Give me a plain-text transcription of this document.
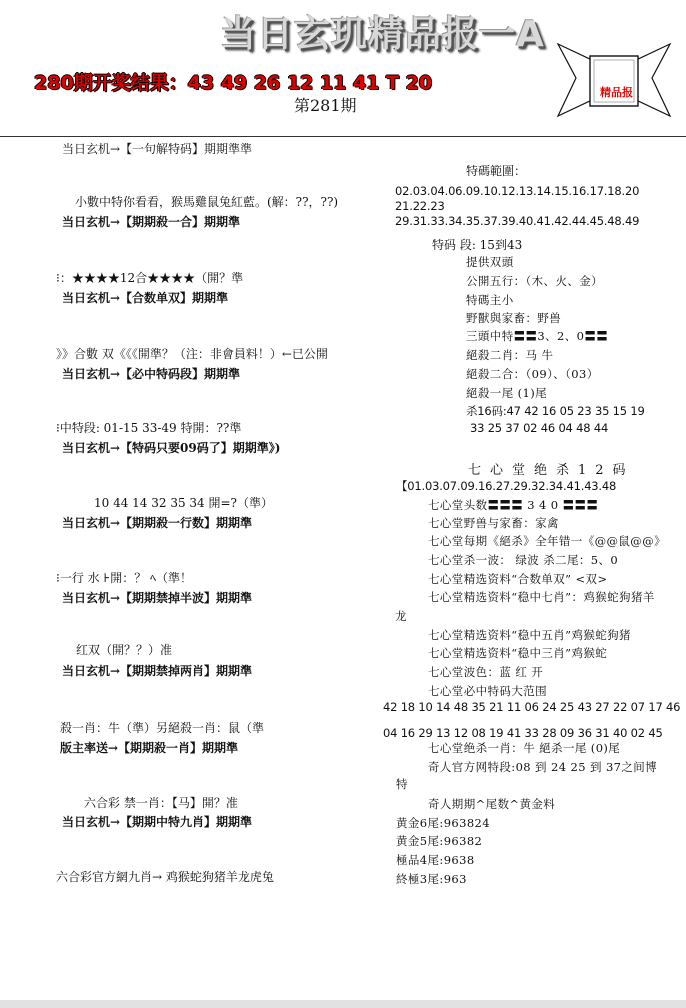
当日玄玑精品报一A
280期开奖结果：43 49 26 12 11 41 T 20
第281期
精品报
当日玄机→【一句解特码】期期準準
小數中特你看看，猴馬雞鼠兔紅藍。(解：??，??)
当日玄机→【期期殺一合】期期準
⁝：★★★★12合★★★★（開？準
当日玄机→【合数单双】期期準
》》合數 双《《《開準？（注：非會員料！）←已公開
当日玄机→【必中特码段】期期準
⁝中特段: 01-15 33-49 特開：??準
当日玄机→【特码只要09码了】期期準》)
10 44 14 32 35 34 開=?（準）
当日玄机→【期期殺一行数】期期準
⁝一行 水 ⊦開：？ ﾍ（準！
当日玄机→【期期禁掉半波】期期準
红双（開？？）准
当日玄机→【期期禁掉两肖】期期準
殺一肖：牛（準）另絕殺一肖：鼠（準
版主率送→【期期殺一肖】期期準
六合彩 禁一肖：【马】開？准
当日玄机→【期期中特九肖】期期準
六合彩官方網九肖→ 鸡猴蛇狗猪羊龙虎兔
特碼範圍：
02.03.04.06.09.10.12.13.14.15.16.17.18.20
21.22.23
29.31.33.34.35.37.39.40.41.42.44.45.48.49
特码 段: 15到43
提供双頭
公開五行：（木、火、金）
特碼主小
野獸與家畜：野兽
三頭中特〓〓3、2、0〓〓
絕殺二肖：马 牛
絕殺二合：（09）、（03）
絕殺一尾 (1)尾
杀16码:47 42 16 05 23 35 15 19
33 25 37 02 46 04 48 44
七心堂绝杀12码
【01.03.07.09.16.27.29.32.34.41.43.48
七心堂头数〓〓〓 3 4 0 〓〓〓
七心堂野兽与家畜：家禽
七心堂每期《絕杀》全年错一《@@鼠@@》
七心堂杀一波： 绿波 杀二尾：5、0
七心堂精选资料“合数单双” <双>
七心堂精选资料“稳中七肖”：鸡猴蛇狗猪羊
龙
七心堂精选资料“稳中五肖”鸡猴蛇狗猪
七心堂精选资料“稳中三肖”鸡猴蛇
七心堂波色：蓝 红 开
七心堂必中特码大范围
42 18 10 14 48 35 21 11 06 24 25 43 27 22 07 17 46
04 16 29 13 12 08 19 41 33 28 09 36 31 40 02 45
七心堂绝杀一肖：牛 絕杀一尾 (0)尾
奇人官方网特段:08 到 24 25 到 37之间博
特
奇人期期^尾数^黄金料
黄金6尾:963824
黄金5尾:96382
極品4尾:9638
終極3尾:963
